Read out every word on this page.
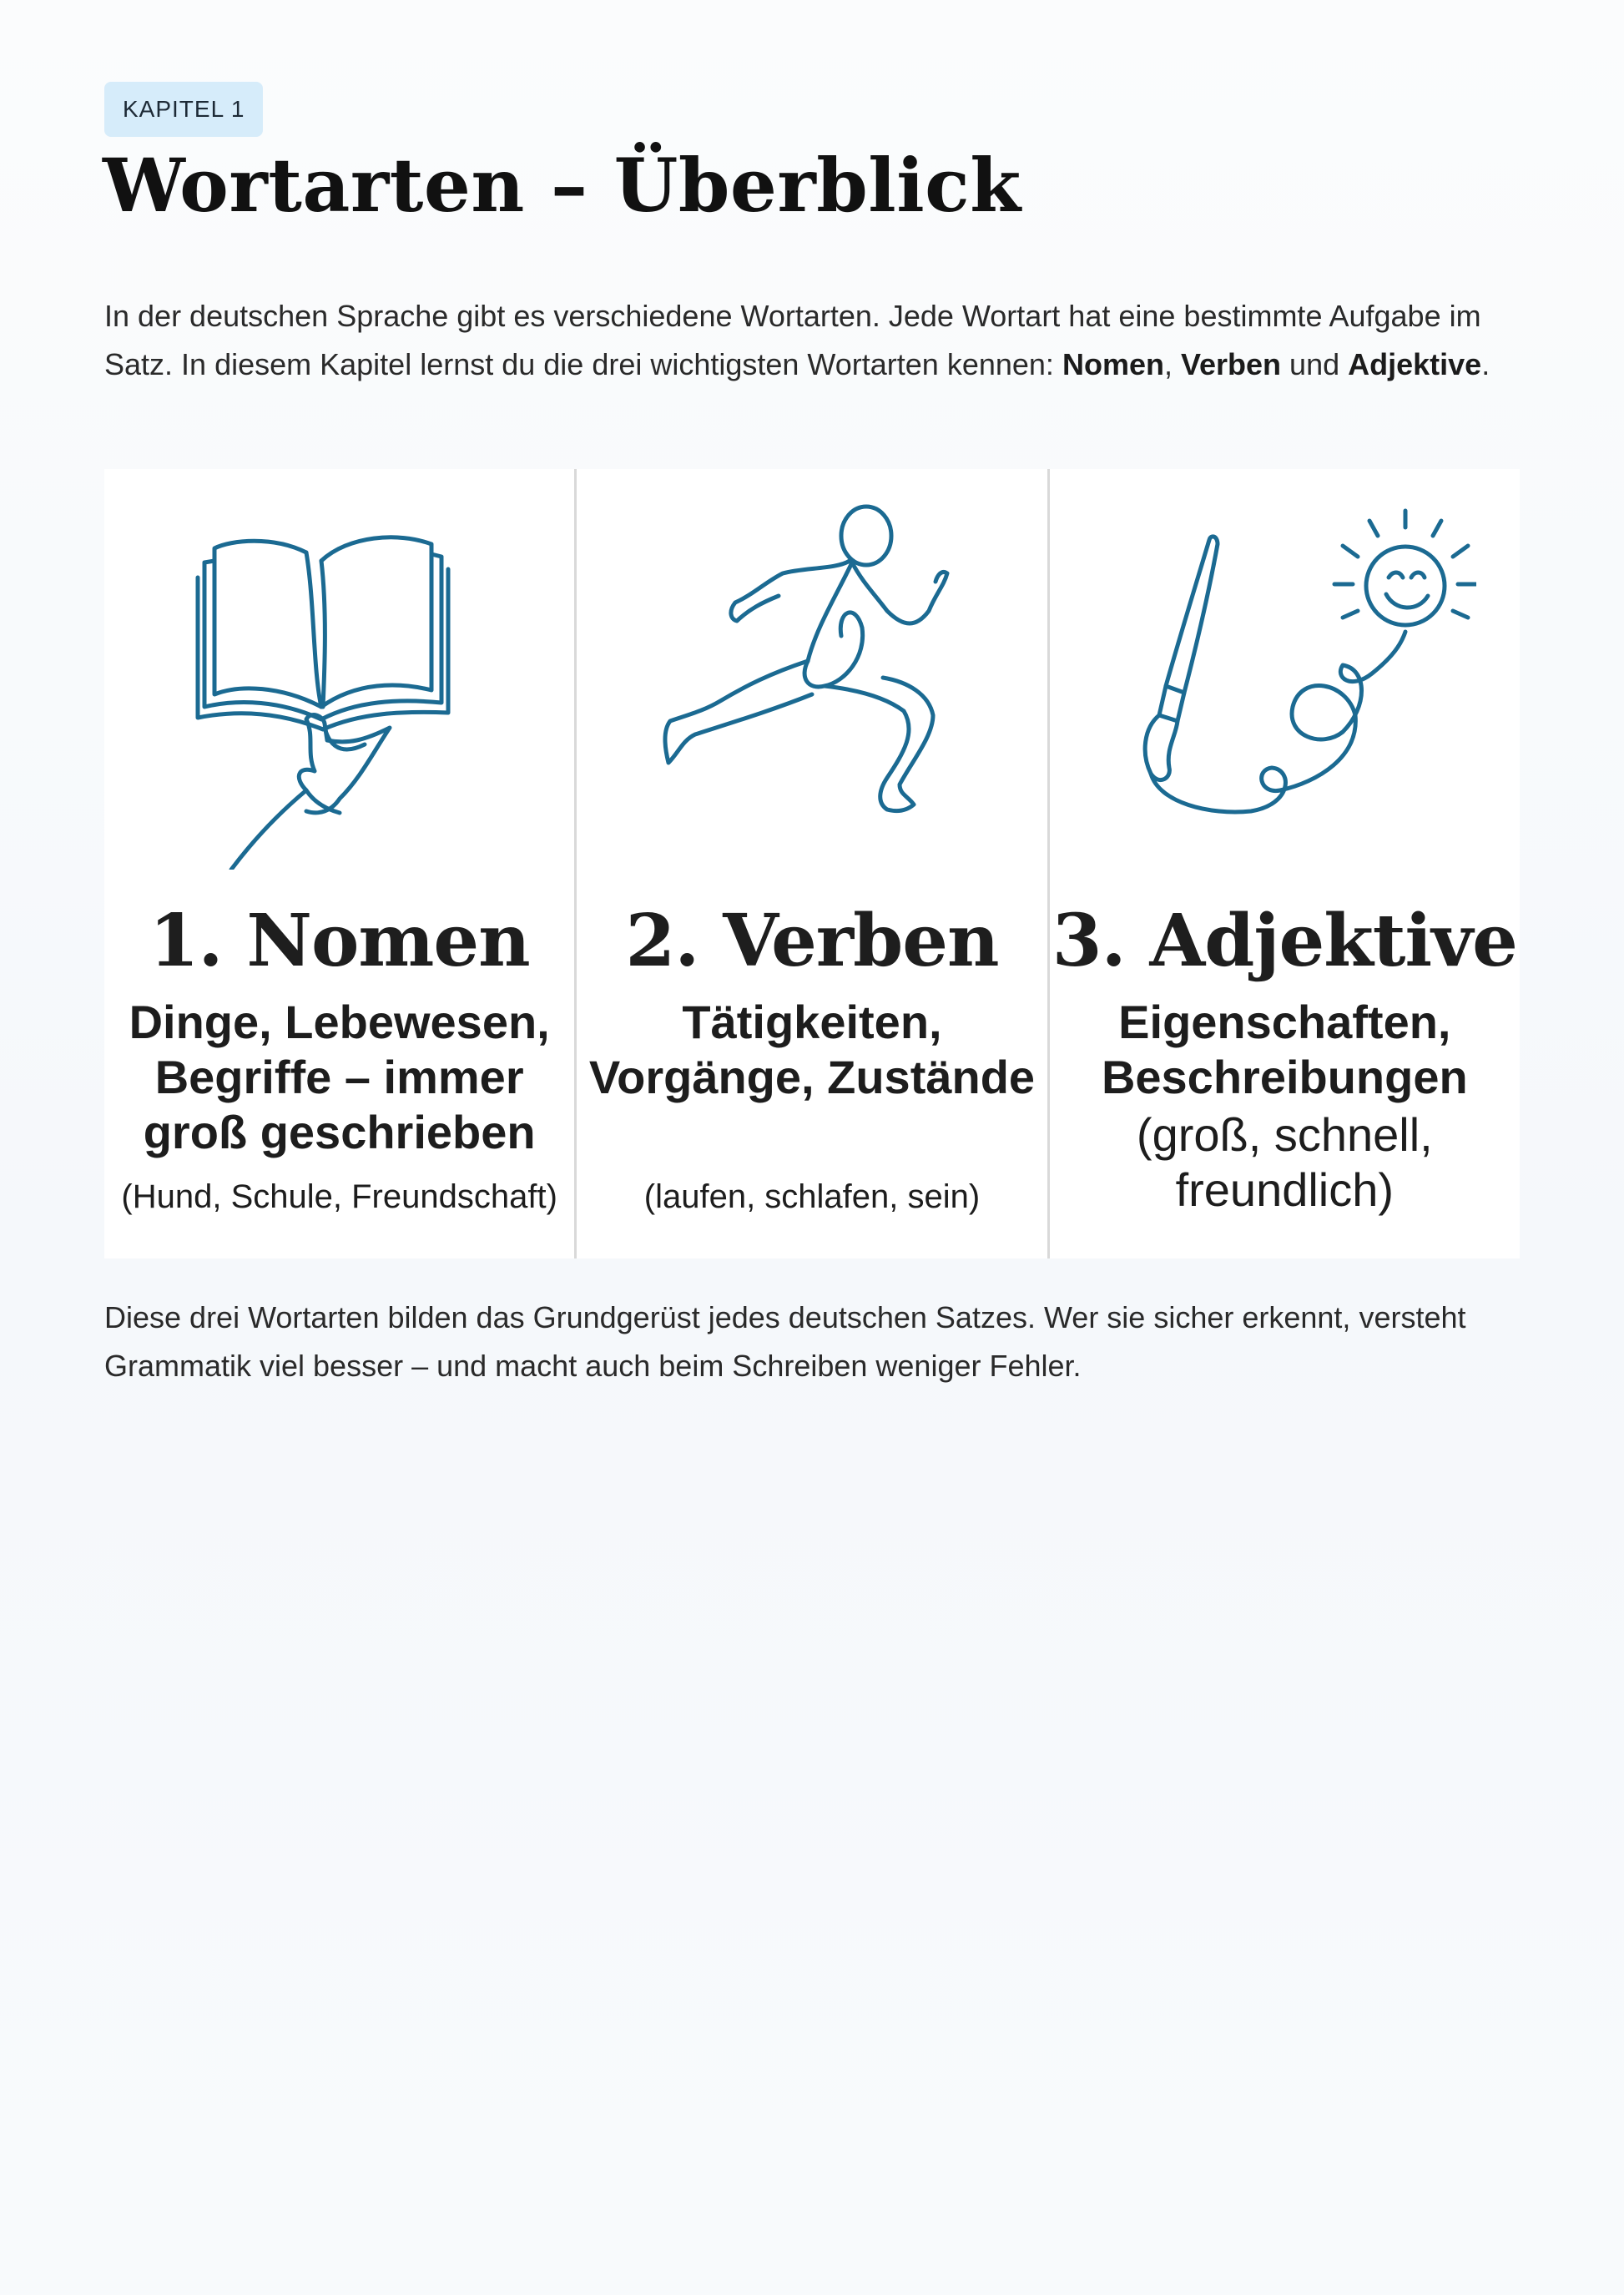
KAPITEL 1
Wortarten – Überblick

In der deutschen Sprache gibt es verschiedene Wortarten. Jede Wortart hat eine bestimmte Aufgabe im Satz. In diesem Kapitel lernst du die drei wichtigsten Wortarten kennen: Nomen, Verben und Adjektive.

1. Nomen
Dinge, Lebewesen, Begriffe – immer groß geschrieben
(Hund, Schule, Freundschaft)
2. Verben
Tätigkeiten, Vorgänge, Zustände
(laufen, schlafen, sein)
3. Adjektive
Eigenschaften, Beschreibungen
(groß, schnell, freundlich)

Diese drei Wortarten bilden das Grundgerüst jedes deutschen Satzes. Wer sie sicher erkennt, versteht Grammatik viel besser – und macht auch beim Schreiben weniger Fehler.
